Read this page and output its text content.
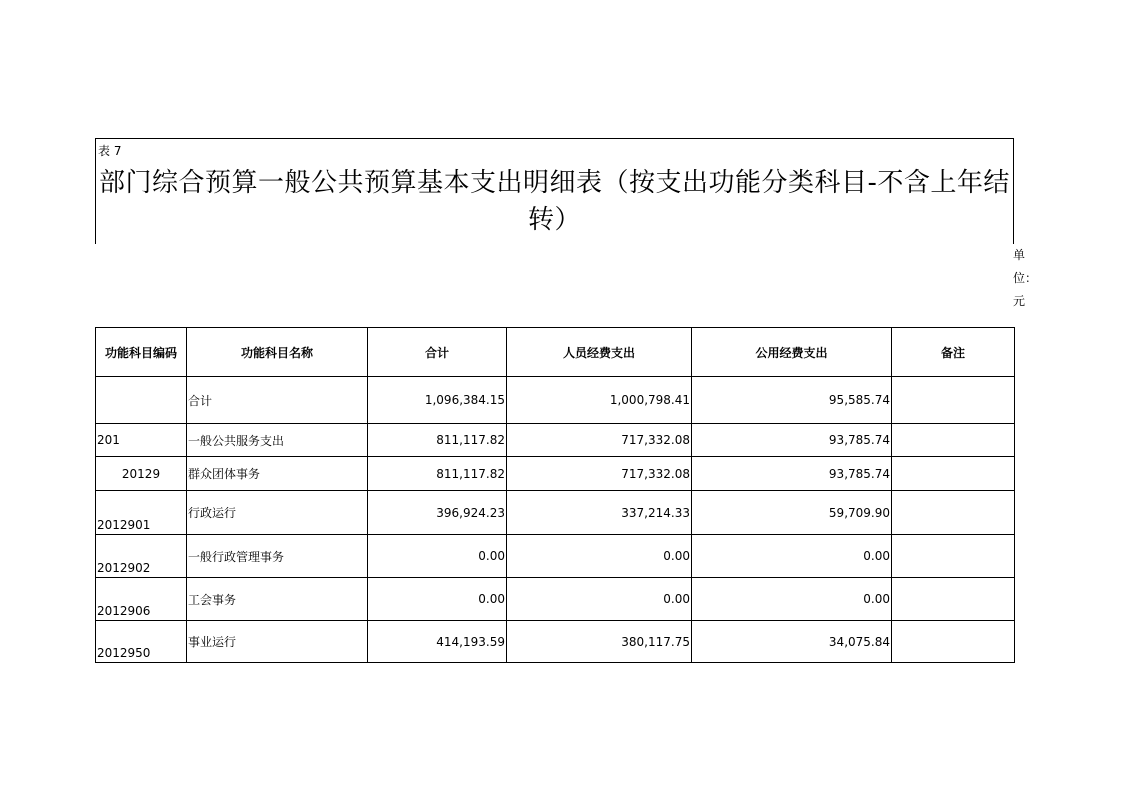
表 7
部门综合预算一般公共预算基本支出明细表（按支出功能分类科目-不含上年结转）
单位：元
功能科目编码	功能科目名称	合计	人员经费支出	公用经费支出	备注
	合计	1,096,384.15	1,000,798.41	95,585.74	
201	一般公共服务支出	811,117.82	717,332.08	93,785.74	
20129	群众团体事务	811,117.82	717,332.08	93,785.74	
2012901	行政运行	396,924.23	337,214.33	59,709.90	
2012902	一般行政管理事务	0.00	0.00	0.00	
2012906	工会事务	0.00	0.00	0.00	
2012950	事业运行	414,193.59	380,117.75	34,075.84	
